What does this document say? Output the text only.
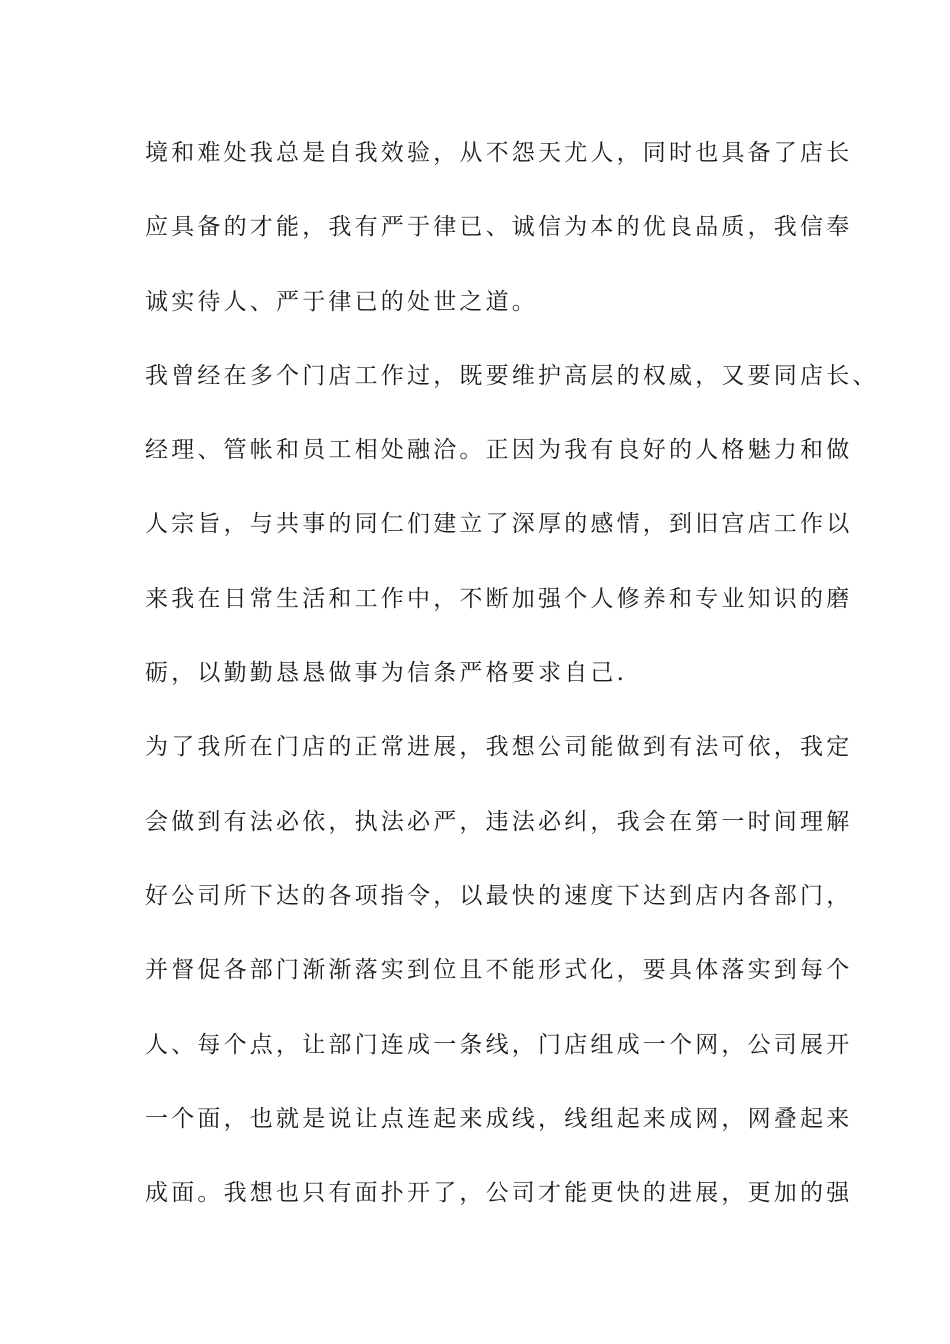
境和难处我总是自我效验，从不怨天尤人，同时也具备了店长
应具备的才能，我有严于律已、诚信为本的优良品质，我信奉
诚实待人、严于律已的处世之道。
我曾经在多个门店工作过，既要维护高层的权威，又要同店长、
经理、管帐和员工相处融洽。正因为我有良好的人格魅力和做
人宗旨，与共事的同仁们建立了深厚的感情，到旧宫店工作以
来我在日常生活和工作中，不断加强个人修养和专业知识的磨
砺，以勤勤恳恳做事为信条严格要求自己.
为了我所在门店的正常进展，我想公司能做到有法可依，我定
会做到有法必依，执法必严，违法必纠，我会在第一时间理解
好公司所下达的各项指令，以最快的速度下达到店内各部门，
并督促各部门渐渐落实到位且不能形式化，要具体落实到每个
人、每个点，让部门连成一条线，门店组成一个网，公司展开
一个面，也就是说让点连起来成线，线组起来成网，网叠起来
成面。我想也只有面扑开了，公司才能更快的进展，更加的强
